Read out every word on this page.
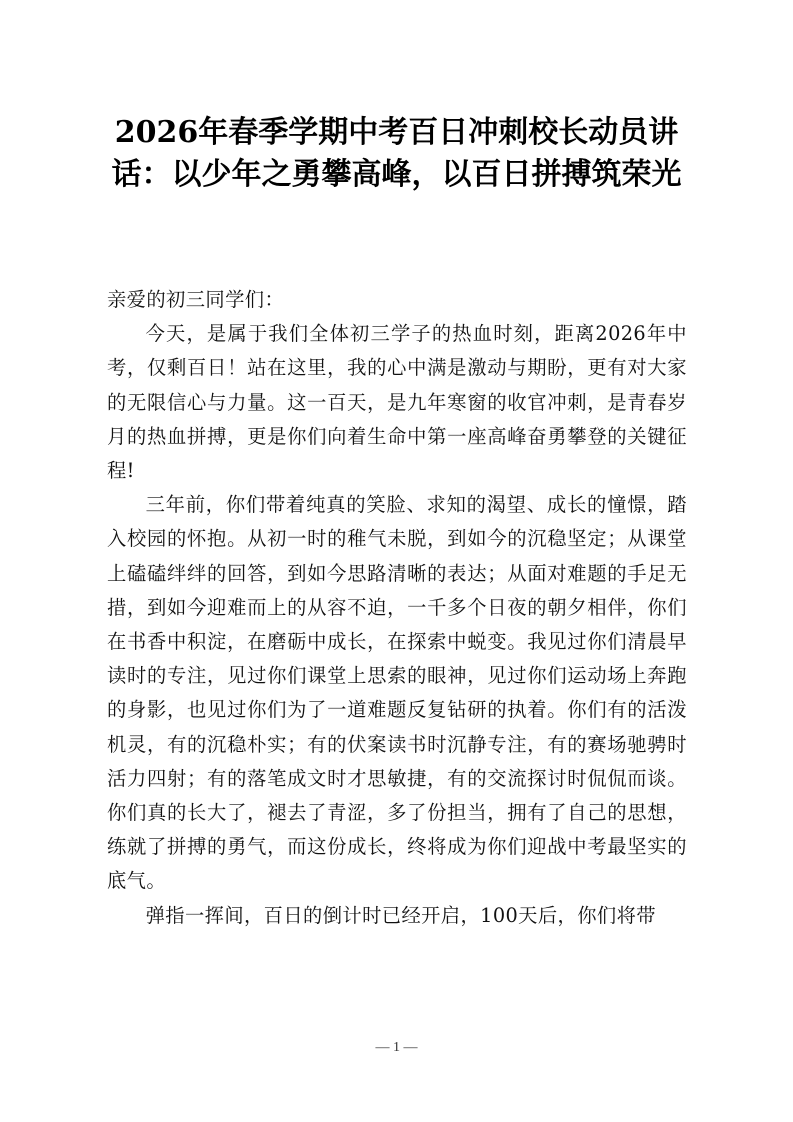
2026年春季学期中考百日冲刺校长动员讲话：以少年之勇攀高峰，以百日拼搏筑荣光

亲爱的初三同学们：

今天，是属于我们全体初三学子的热血时刻，距离2026年中考，仅剩百日！站在这里，我的心中满是激动与期盼，更有对大家的无限信心与力量。这一百天，是九年寒窗的收官冲刺，是青春岁月的热血拼搏，更是你们向着生命中第一座高峰奋勇攀登的关键征程!

三年前，你们带着纯真的笑脸、求知的渴望、成长的憧憬，踏入校园的怀抱。从初一时的稚气未脱，到如今的沉稳坚定；从课堂上磕磕绊绊的回答，到如今思路清晰的表达；从面对难题的手足无措，到如今迎难而上的从容不迫，一千多个日夜的朝夕相伴，你们在书香中积淀，在磨砺中成长，在探索中蜕变。我见过你们清晨早读时的专注，见过你们课堂上思索的眼神，见过你们运动场上奔跑的身影，也见过你们为了一道难题反复钻研的执着。你们有的活泼机灵，有的沉稳朴实；有的伏案读书时沉静专注，有的赛场驰骋时活力四射；有的落笔成文时才思敏捷，有的交流探讨时侃侃而谈。你们真的长大了，褪去了青涩，多了份担当，拥有了自己的思想，练就了拼搏的勇气，而这份成长，终将成为你们迎战中考最坚实的底气。

弹指一挥间，百日的倒计时已经开启，100天后，你们将带

— 1 —
